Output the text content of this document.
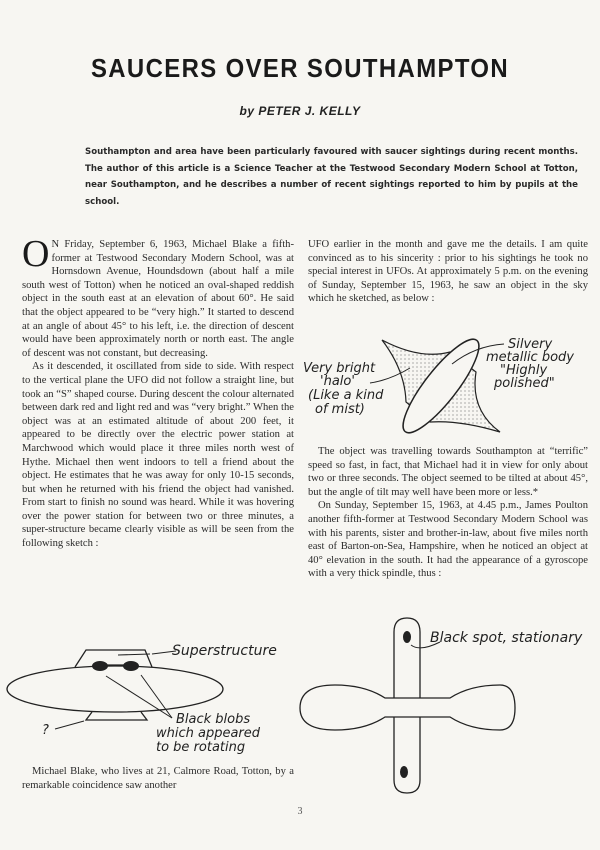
SAUCERS OVER SOUTHAMPTON
by PETER J. KELLY
Southampton and area have been particularly favoured with saucer sightings during recent months. The author of this article is a Science Teacher at the Testwood Secondary Modern School at Totton, near Southampton, and he describes a number of recent sightings reported to him by pupils at the school.

O N Friday, September 6, 1963, Michael Blake a fifth-former at Testwood Secondary Modern School, was at Hornsdown Avenue, Houndsdown (about half a mile south west of Totton) when he noticed an oval-shaped reddish object in the south east at an elevation of about 60°. He said that the object appeared to be “very high.” It started to descend at an angle of about 45° to his left, i.e. the direction of descent would have been approximately north or north east. The angle of descent was not constant, but decreasing.

As it descended, it oscillated from side to side. With respect to the vertical plane the UFO did not follow a straight line, but took an “S” shaped course. During descent the colour alternated between dark red and light red and was “very bright.” When the object was at an estimated altitude of about 200 feet, it appeared to be directly over the electric power station at Marchwood which would place it three miles north west of Hythe. Michael then went indoors to tell a friend about the object. He estimates that he was away for only 10-15 seconds, but when he returned with his friend the object had vanished. From start to finish no sound was heard. While it was hovering over the power station for between two or three minutes, a super-structure became clearly visible as will be seen from the following sketch :

Superstructure
Black blobs
which appeared
to be rotating
?

Michael Blake, who lives at 21, Calmore Road, Totton, by a remarkable coincidence saw another

UFO earlier in the month and gave me the details. I am quite convinced as to his sincerity : prior to his sightings he took no special interest in UFOs. At approximately 5 p.m. on the evening of Sunday, September 15, 1963, he saw an object in the sky which he sketched, as below :

Very bright
'halo'
(Like a kind
of mist)
Silvery
metallic body
"Highly
polished"

The object was travelling towards Southampton at “terrific” speed so fast, in fact, that Michael had it in view for only about two or three seconds. The object seemed to be tilted at about 45°, but the angle of tilt may well have been more or less.*

On Sunday, September 15, 1963, at 4.45 p.m., James Poulton another fifth-former at Testwood Secondary Modern School was with his parents, sister and brother-in-law, about five miles north east of Barton-on-Sea, Hampshire, when he noticed an object at 40° elevation in the south. It had the appearance of a gyroscope with a very thick spindle, thus :

Black spot, stationary
3
